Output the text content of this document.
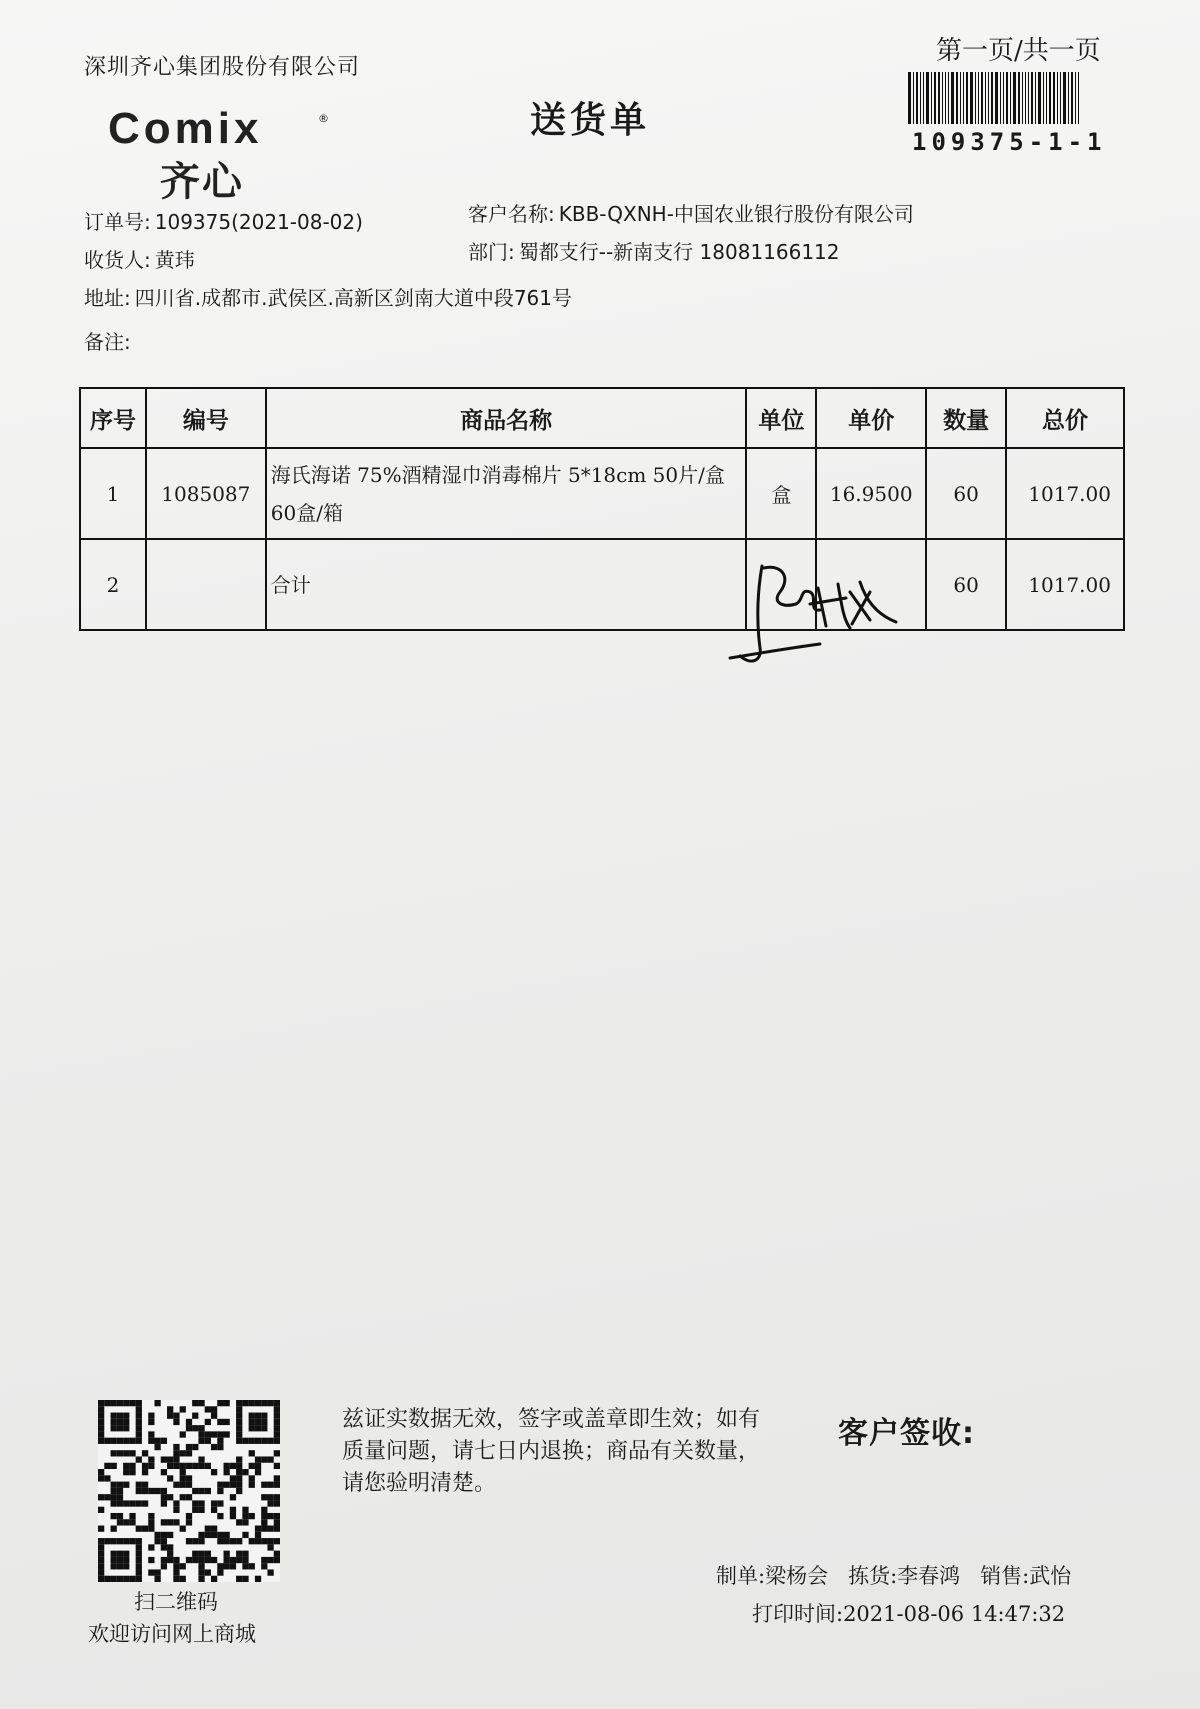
深圳齐心集团股份有限公司
Comix	®
齐心
送货单
第一页/共一页
109375-1-1
订单号: 109375(2021-08-02)	客户名称: KBB-QXNH-中国农业银行股份有限公司
收货人: 黄玮	部门: 蜀都支行--新南支行 18081166112
地址: 四川省.成都市.武侯区.高新区剑南大道中段761号
备注:
序号	编号	商品名称	单位	单价	数量	总价
1	1085087	海氏海诺 75%酒精湿巾消毒棉片 5*18cm 50片/盒 60盒/箱	盒	16.9500	60	1017.00
2		合计			60	1017.00
扫二维码
欢迎访问网上商城
兹证实数据无效，签字或盖章即生效；如有质量问题，请七日内退换；商品有关数量，请您验明清楚。
客户签收:
制单:梁杨会 拣货:李春鸿 销售:武怡
打印时间:2021-08-06 14:47:32
